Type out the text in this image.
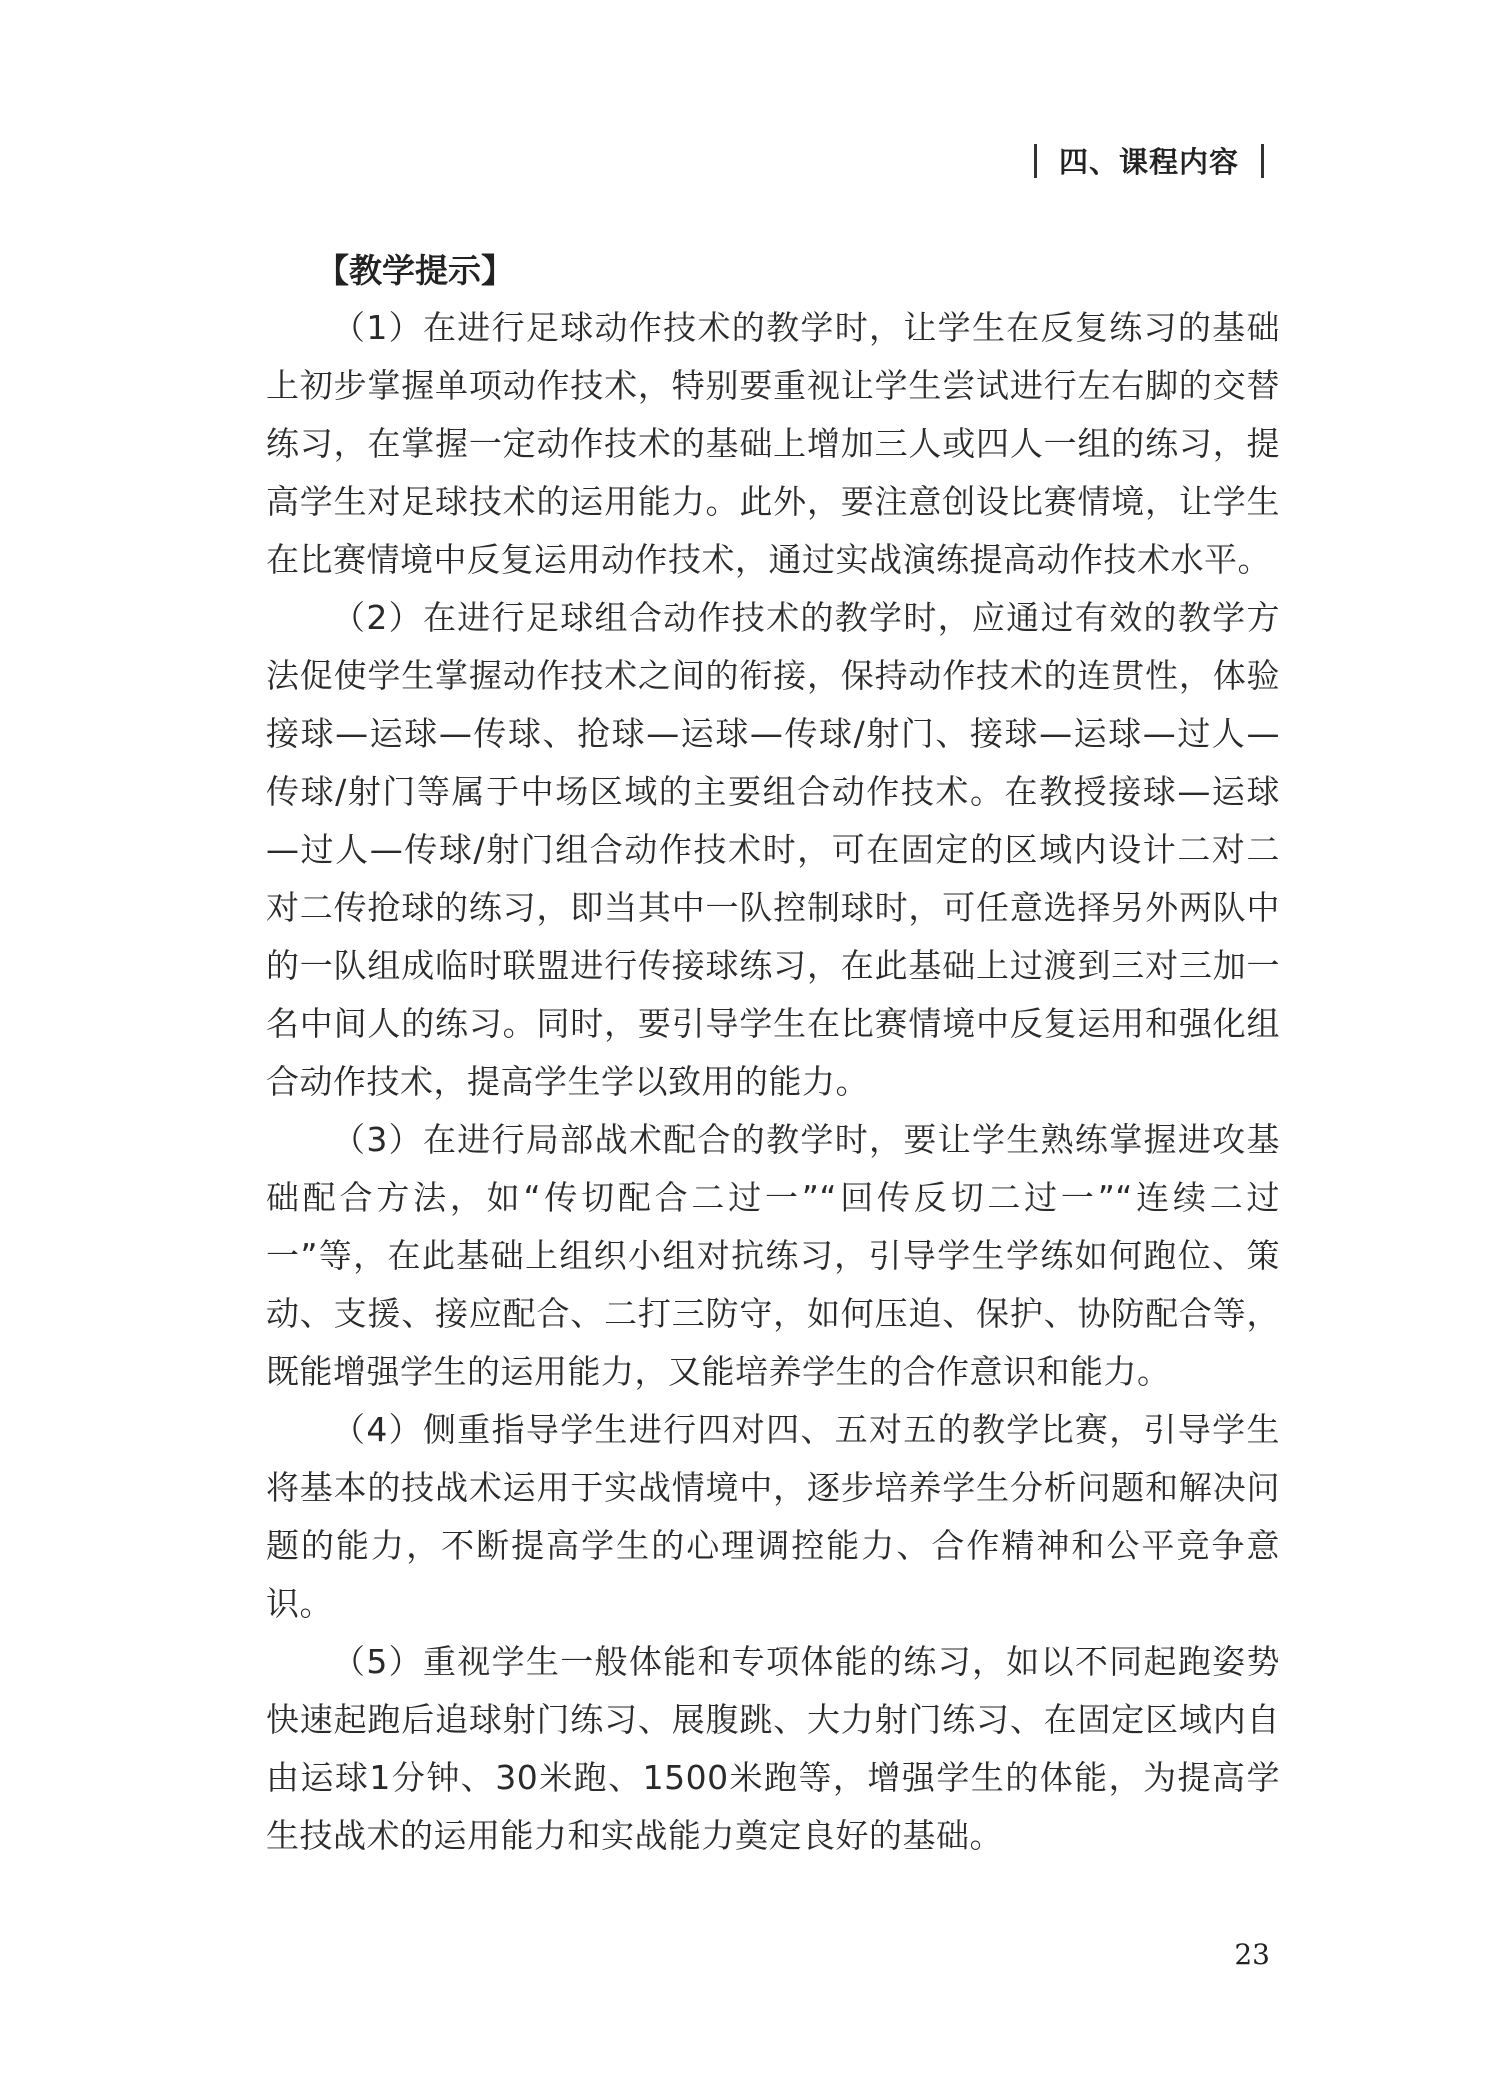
四、课程内容
【教学提示】

（1）在进行足球动作技术的教学时，让学生在反复练习的基础上初步掌握单项动作技术，特别要重视让学生尝试进行左右脚的交替练习，在掌握一定动作技术的基础上增加三人或四人一组的练习，提高学生对足球技术的运用能力。此外，要注意创设比赛情境，让学生在比赛情境中反复运用动作技术，通过实战演练提高动作技术水平。

（2）在进行足球组合动作技术的教学时，应通过有效的教学方法促使学生掌握动作技术之间的衔接，保持动作技术的连贯性，体验接球—运球—传球、抢球—运球—传球/射门、接球—运球—过人—传球/射门等属于中场区域的主要组合动作技术。在教授接球—运球—过人—传球/射门组合动作技术时，可在固定的区域内设计二对二对二传抢球的练习，即当其中一队控制球时，可任意选择另外两队中的一队组成临时联盟进行传接球练习，在此基础上过渡到三对三加一名中间人的练习。同时，要引导学生在比赛情境中反复运用和强化组合动作技术，提高学生学以致用的能力。

（3）在进行局部战术配合的教学时，要让学生熟练掌握进攻基础配合方法，如“传切配合二过一”“回传反切二过一”“连续二过一”等，在此基础上组织小组对抗练习，引导学生学练如何跑位、策动、支援、接应配合、二打三防守，如何压迫、保护、协防配合等，既能增强学生的运用能力，又能培养学生的合作意识和能力。

（4）侧重指导学生进行四对四、五对五的教学比赛，引导学生将基本的技战术运用于实战情境中，逐步培养学生分析问题和解决问题的能力，不断提高学生的心理调控能力、合作精神和公平竞争意识。

（5）重视学生一般体能和专项体能的练习，如以不同起跑姿势快速起跑后追球射门练习、展腹跳、大力射门练习、在固定区域内自由运球1分钟、30米跑、1500米跑等，增强学生的体能，为提高学生技战术的运用能力和实战能力奠定良好的基础。

23
